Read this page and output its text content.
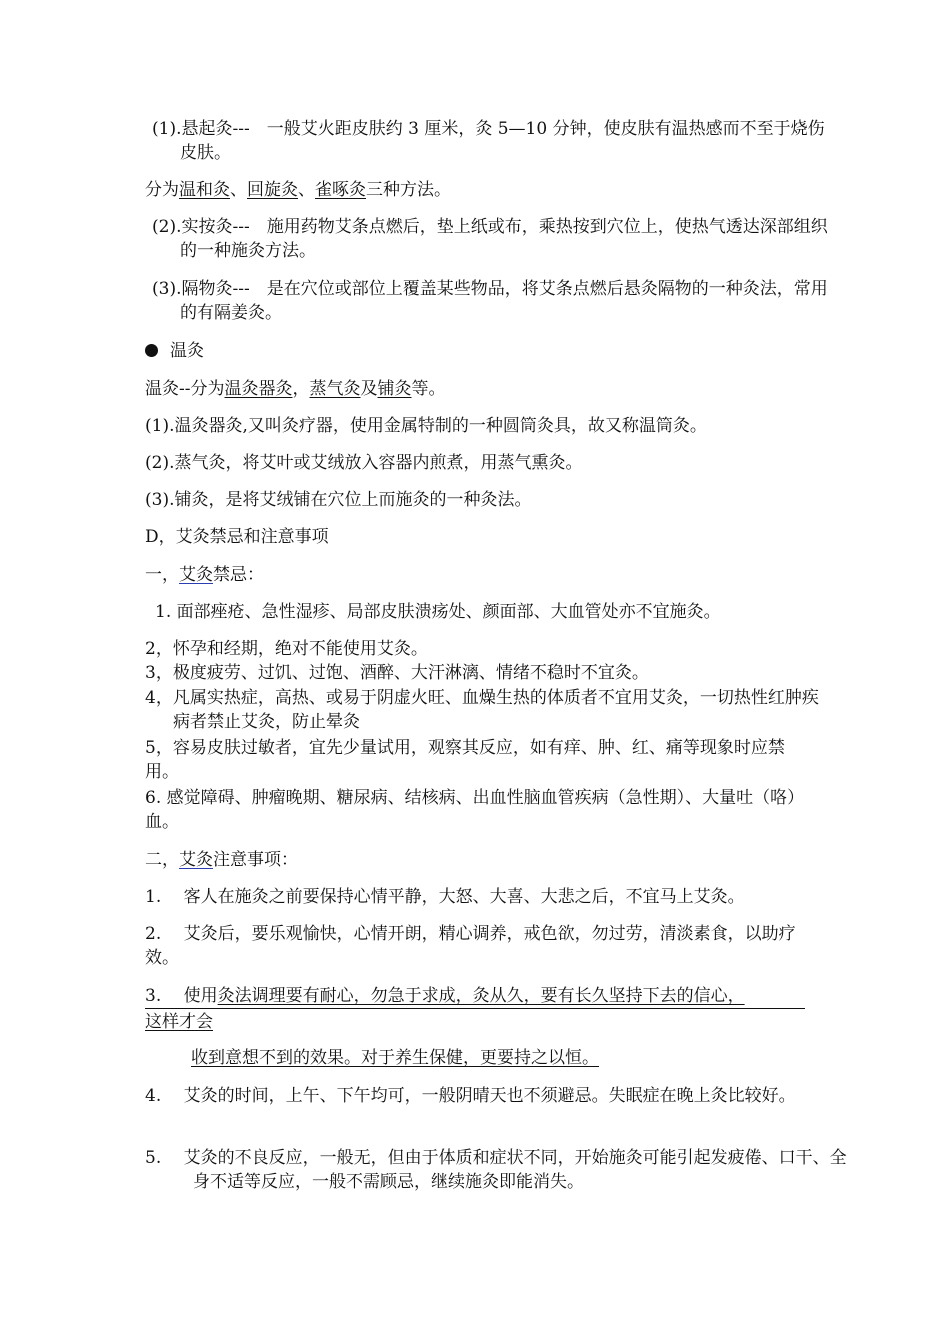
(1).悬起灸---　一般艾火距皮肤约 3 厘米，灸 5—10 分钟，使皮肤有温热感而不至于烧伤皮肤。
分为温和灸、回旋灸、雀啄灸三种方法。
(2).实按灸---　施用药物艾条点燃后，垫上纸或布，乘热按到穴位上，使热气透达深部组织的一种施灸方法。
(3).隔物灸---　是在穴位或部位上覆盖某些物品，将艾条点燃后悬灸隔物的一种灸法，常用的有隔姜灸。
温灸
温灸--分为温灸器灸，蒸气灸及铺灸等。
(1).温灸器灸,又叫灸疗器，使用金属特制的一种圆筒灸具，故又称温筒灸。
(2).蒸气灸，将艾叶或艾绒放入容器内煎煮，用蒸气熏灸。
(3).铺灸，是将艾绒铺在穴位上而施灸的一种灸法。
D，艾灸禁忌和注意事项
一，艾灸禁忌：
1. 面部痤疮、急性湿疹、局部皮肤溃疡处、颜面部、大血管处亦不宜施灸。
2，怀孕和经期，绝对不能使用艾灸。
3，极度疲劳、过饥、过饱、酒醉、大汗淋漓、情绪不稳时不宜灸。
4，凡属实热症，高热、或易于阴虚火旺、血燥生热的体质者不宜用艾灸，一切热性红肿疾病者禁止艾灸，防止晕灸
5，容易皮肤过敏者，宜先少量试用，观察其反应，如有痒、肿、红、痛等现象时应禁用。
6. 感觉障碍、肿瘤晚期、糖尿病、结核病、出血性脑血管疾病（急性期）、大量吐（咯）血。
二，艾灸注意事项：
1.　 客人在施灸之前要保持心情平静，大怒、大喜、大悲之后，不宜马上艾灸。
2.　 艾灸后，要乐观愉快，心情开朗，精心调养，戒色欲，勿过劳，清淡素食，以助疗效。
3.　 使用灸法调理要有耐心，勿急于求成，灸从久，要有长久坚持下去的信心，
这样才会
收到意想不到的效果。对于养生保健，更要持之以恒。
4.　 艾灸的时间，上午、下午均可，一般阴晴天也不须避忌。失眠症在晚上灸比较好。
5.　 艾灸的不良反应，一般无，但由于体质和症状不同，开始施灸可能引起发疲倦、口干、全身不适等反应，一般不需顾忌，继续施灸即能消失。
